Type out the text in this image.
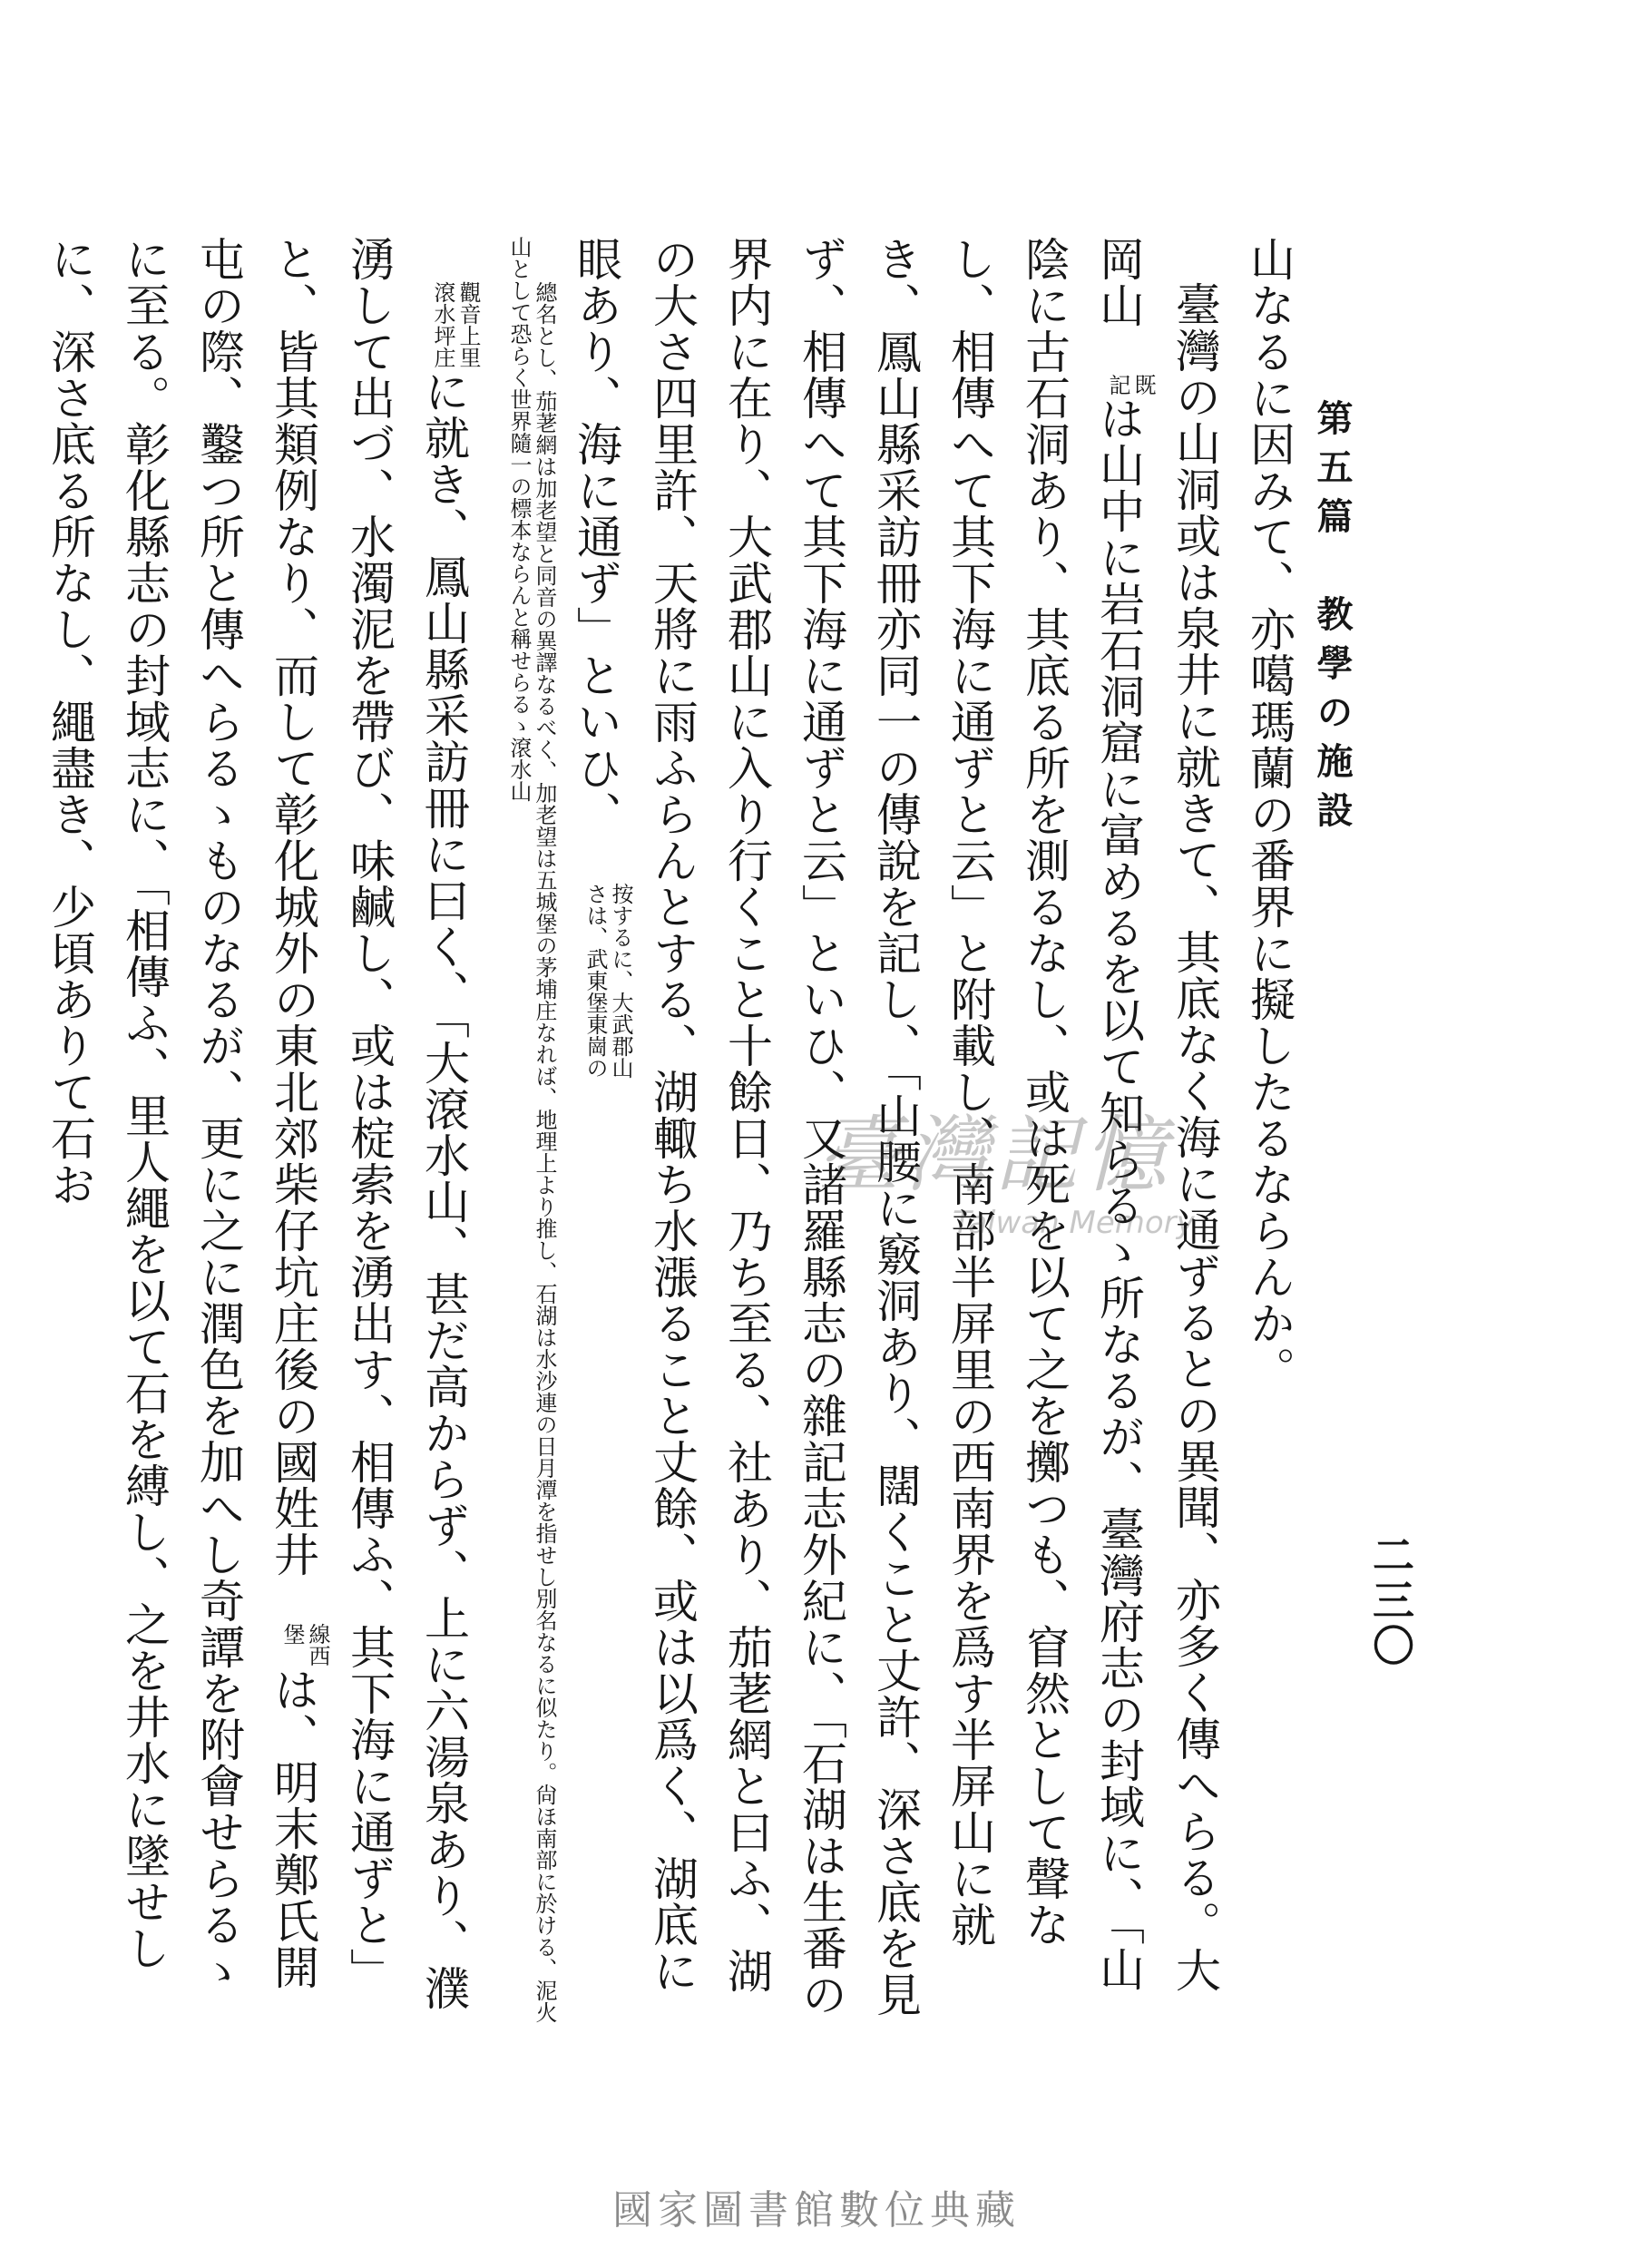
第五篇　教學の施設
二三〇

山なるに因みて、亦噶瑪蘭の番界に擬したるならんか。

臺灣の山洞或は泉井に就きて、其底なく海に通ずるとの異聞、亦多く傳へらる。大岡山
既
記
は山中に岩石洞窟に富めるを以て知らるゝ所なるが、臺灣府志の封域に、「山陰に古石洞あり、其底る所を測るなし、或は死を以て之を擲つも、窅然として聲なし、相傳へて其下海に通ずと云」と附載し、南部半屏里の西南界を爲す半屏山に就き、鳳山縣采訪冊亦同一の傳說を記し、「山腰に竅洞あり、闊くこと丈許、深さ底を見ず、相傳へて其下海に通ずと云」といひ、又諸羅縣志の雜記志外紀に、「石湖は生番の界内に在り、大武郡山に入り行くこと十餘日、乃ち至る、社あり、茄荖網と曰ふ、湖の大さ四里許、天將に雨ふらんとする、湖輙ち水漲ること丈餘、或は以爲く、湖底に眼あり、海に通ず」といひ、
按するに、大武郡山
さは、武東堡東崗の
總名とし、茄荖網は加老望と同音の異譯なるべく、加老望は五城堡の茅埔庄なれば、地理上より推し、石湖は水沙連の日月潭を指せし別名なるに似たり。尙ほ南部に於ける、泥火山として恐らく世界隨一の標本ならんと稱せらるゝ滾水山
觀音上里
滾水坪庄
に就き、鳳山縣采訪冊に曰く、「大滾水山、甚だ高からず、上に六湯泉あり、濮湧して出づ、水濁泥を帶び、味鹹し、或は椗索を湧出す、相傳ふ、其下海に通ずと」と、皆其類例なり、而して彰化城外の東北郊柴仔坑庄後の國姓井
線西
堡
は、明末鄭氏開屯の際、鑿つ所と傳へらるゝものなるが、更に之に潤色を加へし奇譚を附會せらるゝに至る。彰化縣志の封域志に、「相傳ふ、里人繩を以て石を縛し、之を井水に墜せしに、深さ底る所なし、繩盡き、少頃ありて石お	臺灣記憶
Taiwan Memory
國家圖書館數位典藏
